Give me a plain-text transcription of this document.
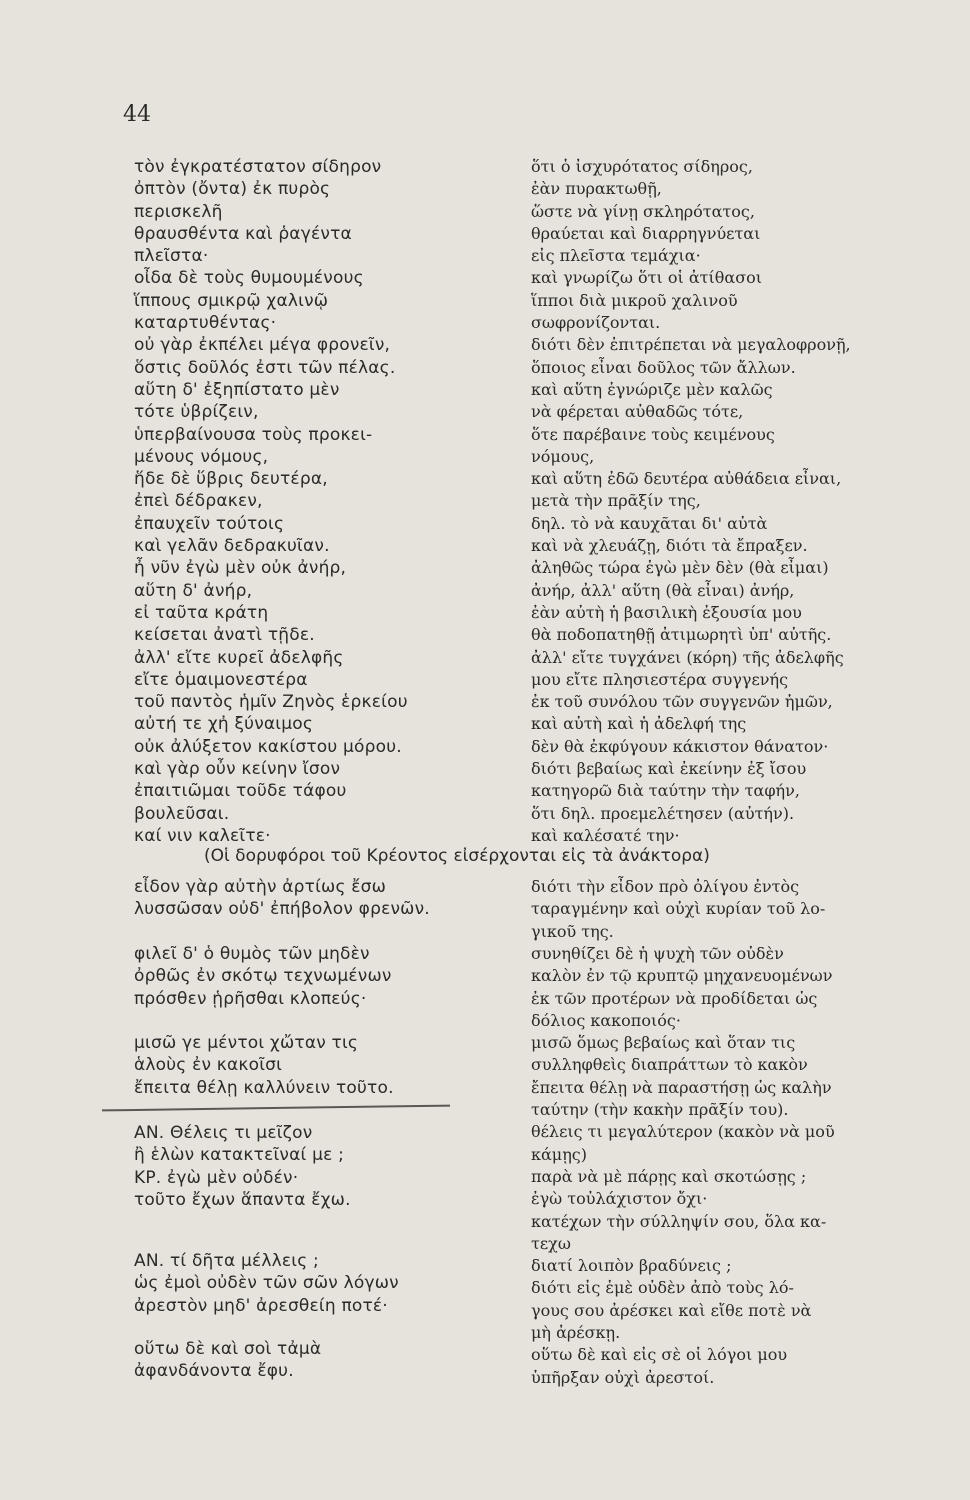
44
τὸν ἐγκρατέστατον σίδηρον
ὀπτὸν (ὄντα) ἐκ πυρὸς
περισκελῆ
θραυσθέντα καὶ ῥαγέντα
πλεῖστα·
οἶδα δὲ τοὺς θυμουμένους
ἵππους σμικρῷ χαλινῷ
καταρτυθέντας·
οὐ γὰρ ἐκπέλει μέγα φρονεῖν,
ὅστις δοῦλός ἐστι τῶν πέλας.
αὕτη δ' ἐξηπίστατο μὲν
τότε ὑβρίζειν,
ὑπερβαίνουσα τοὺς προκει-
μένους νόμους,
ἥδε δὲ ὕβρις δευτέρα,
ἐπεὶ δέδρακεν,
ἐπαυχεῖν τούτοις
καὶ γελᾶν δεδρακυῖαν.
ἦ νῦν ἐγὼ μὲν οὐκ ἀνήρ,
αὕτη δ' ἀνήρ,
εἰ ταῦτα κράτη
κείσεται ἀνατὶ τῇδε.
ἀλλ' εἴτε κυρεῖ ἀδελφῆς
εἴτε ὁμαιμονεστέρα
τοῦ παντὸς ἡμῖν Ζηνὸς ἑρκείου
αὐτή τε χἠ ξύναιμος
οὐκ ἀλύξετον κακίστου μόρου.
καὶ γὰρ οὖν κείνην ἴσον
ἐπαιτιῶμαι τοῦδε τάφου
βουλεῦσαι.
καί νιν καλεῖτε·
(Οἱ δορυφόροι τοῦ Κρέοντος εἰσέρχονται εἰς τὰ ἀνάκτορα)
εἶδον γὰρ αὐτὴν ἀρτίως ἔσω
λυσσῶσαν οὐδ' ἐπήβολον φρενῶν.
φιλεῖ δ' ὁ θυμὸς τῶν μηδὲν
ὀρθῶς ἐν σκότῳ τεχνωμένων
πρόσθεν ᾑρῆσθαι κλοπεύς·
μισῶ γε μέντοι χὤταν τις
ἁλοὺς ἐν κακοῖσι
ἔπειτα θέλῃ καλλύνειν τοῦτο.
ΑΝ. Θέλεις τι μεῖζον
ἢ ἑλὼν κατακτεῖναί με ;
ΚΡ. ἐγὼ μὲν οὐδέν·
τοῦτο ἔχων ἅπαντα ἔχω.
ΑΝ. τί δῆτα μέλλεις ;
ὡς ἐμοὶ οὐδὲν τῶν σῶν λόγων
ἀρεστὸν μηδ' ἀρεσθείη ποτέ·
οὕτω δὲ καὶ σοὶ τἀμὰ
ἀφανδάνοντα ἔφυ.
ὅτι ὁ ἰσχυρότατος σίδηρος,
ἐὰν πυρακτωθῇ,
ὥστε νὰ γίνῃ σκληρότατος,
θραύεται καὶ διαρρηγνύεται
εἰς πλεῖστα τεμάχια·
καὶ γνωρίζω ὅτι οἱ ἀτίθασοι
ἵπποι διὰ μικροῦ χαλινοῦ
σωφρονίζονται.
διότι δὲν ἐπιτρέπεται νὰ μεγαλοφρονῇ,
ὅποιος εἶναι δοῦλος τῶν ἄλλων.
καὶ αὕτη ἐγνώριζε μὲν καλῶς
νὰ φέρεται αὐθαδῶς τότε,
ὅτε παρέβαινε τοὺς κειμένους
νόμους,
καὶ αὕτη ἐδῶ δευτέρα αὐθάδεια εἶναι,
μετὰ τὴν πρᾶξίν της,
δηλ. τὸ νὰ καυχᾶται δι' αὐτὰ
καὶ νὰ χλευάζῃ, διότι τὰ ἔπραξεν.
ἀληθῶς τώρα ἐγὼ μὲν δὲν (θὰ εἶμαι)
ἀνήρ, ἀλλ' αὕτη (θὰ εἶναι) ἀνήρ,
ἐὰν αὐτὴ ἡ βασιλικὴ ἐξουσία μου
θὰ ποδοπατηθῇ ἀτιμωρητὶ ὑπ' αὐτῆς.
ἀλλ' εἴτε τυγχάνει (κόρη) τῆς ἀδελφῆς
μου εἴτε πλησιεστέρα συγγενής
ἐκ τοῦ συνόλου τῶν συγγενῶν ἡμῶν,
καὶ αὐτὴ καὶ ἡ ἀδελφή της
δὲν θὰ ἐκφύγουν κάκιστον θάνατον·
διότι βεβαίως καὶ ἐκείνην ἐξ ἴσου
κατηγορῶ διὰ ταύτην τὴν ταφήν,
ὅτι δηλ. προεμελέτησεν (αὐτήν).
καὶ καλέσατέ την·
διότι τὴν εἶδον πρὸ ὀλίγου ἐντὸς
ταραγμένην καὶ οὐχὶ κυρίαν τοῦ λο-
γικοῦ της.
συνηθίζει δὲ ἡ ψυχὴ τῶν οὐδὲν
καλὸν ἐν τῷ κρυπτῷ μηχανευομένων
ἐκ τῶν προτέρων νὰ προδίδεται ὡς
δόλιος κακοποιός·
μισῶ ὅμως βεβαίως καὶ ὅταν τις
συλληφθεὶς διαπράττων τὸ κακὸν
ἔπειτα θέλῃ νὰ παραστήσῃ ὡς καλὴν
ταύτην (τὴν κακὴν πρᾶξίν του).
θέλεις τι μεγαλύτερον (κακὸν νὰ μοῦ
κάμῃς)
παρὰ νὰ μὲ πάρῃς καὶ σκοτώσῃς ;
ἐγὼ τοὐλάχιστον ὄχι·
κατέχων τὴν σύλληψίν σου, ὅλα κα-
τεχω
διατί λοιπὸν βραδύνεις ;
διότι εἰς ἐμὲ οὐδὲν ἀπὸ τοὺς λό-
γους σου ἀρέσκει καὶ εἴθε ποτὲ νὰ
μὴ ἀρέσκῃ.
οὕτω δὲ καὶ εἰς σὲ οἱ λόγοι μου
ὑπῆρξαν οὐχὶ ἀρεστοί.
